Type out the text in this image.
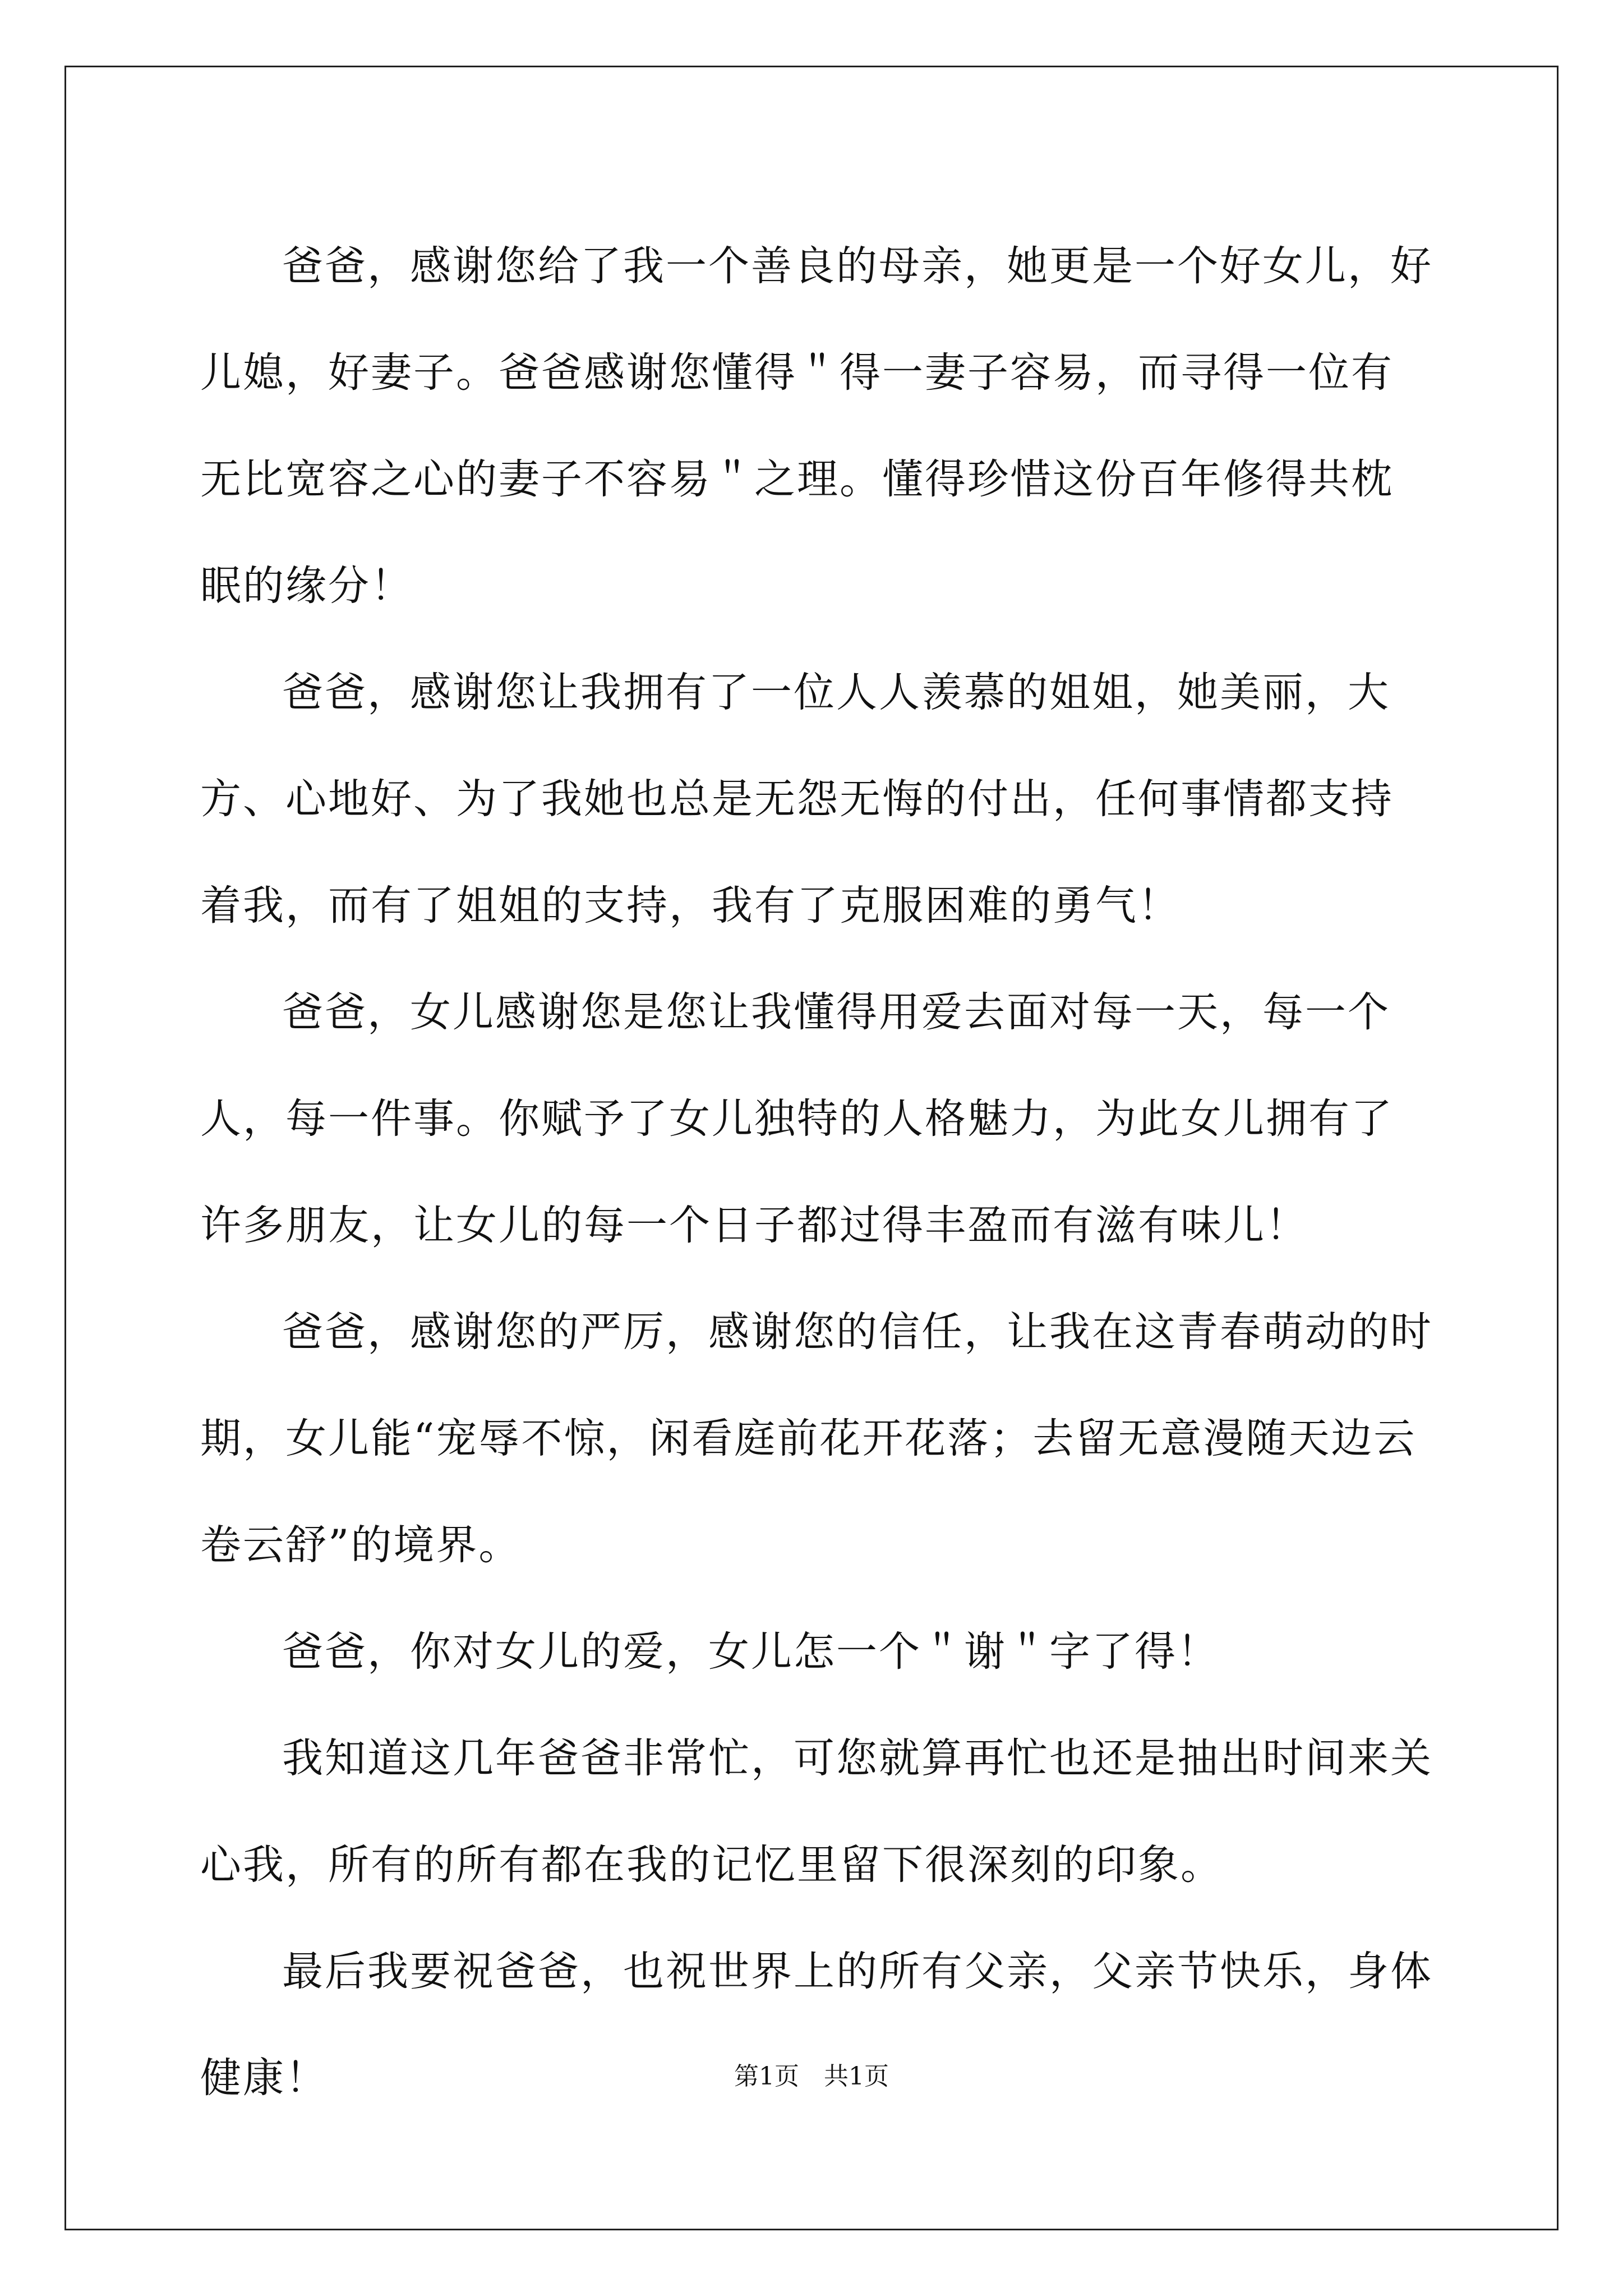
爸爸，感谢您给了我一个善良的母亲，她更是一个好女儿，好儿媳，好妻子。爸爸感谢您懂得＂得一妻子容易，而寻得一位有无比宽容之心的妻子不容易＂之理。懂得珍惜这份百年修得共枕眠的缘分！

爸爸，感谢您让我拥有了一位人人羡慕的姐姐，她美丽，大方、心地好、为了我她也总是无怨无悔的付出，任何事情都支持着我，而有了姐姐的支持，我有了克服困难的勇气！

爸爸，女儿感谢您是您让我懂得用爱去面对每一天，每一个人，每一件事。你赋予了女儿独特的人格魅力，为此女儿拥有了许多朋友，让女儿的每一个日子都过得丰盈而有滋有味儿！

爸爸，感谢您的严厉，感谢您的信任，让我在这青春萌动的时期，女儿能“宠辱不惊，闲看庭前花开花落；去留无意漫随天边云卷云舒”的境界。

爸爸，你对女儿的爱，女儿怎一个＂谢＂字了得！

我知道这几年爸爸非常忙，可您就算再忙也还是抽出时间来关心我，所有的所有都在我的记忆里留下很深刻的印象。

最后我要祝爸爸，也祝世界上的所有父亲，父亲节快乐，身体健康！	第1页　共1页
